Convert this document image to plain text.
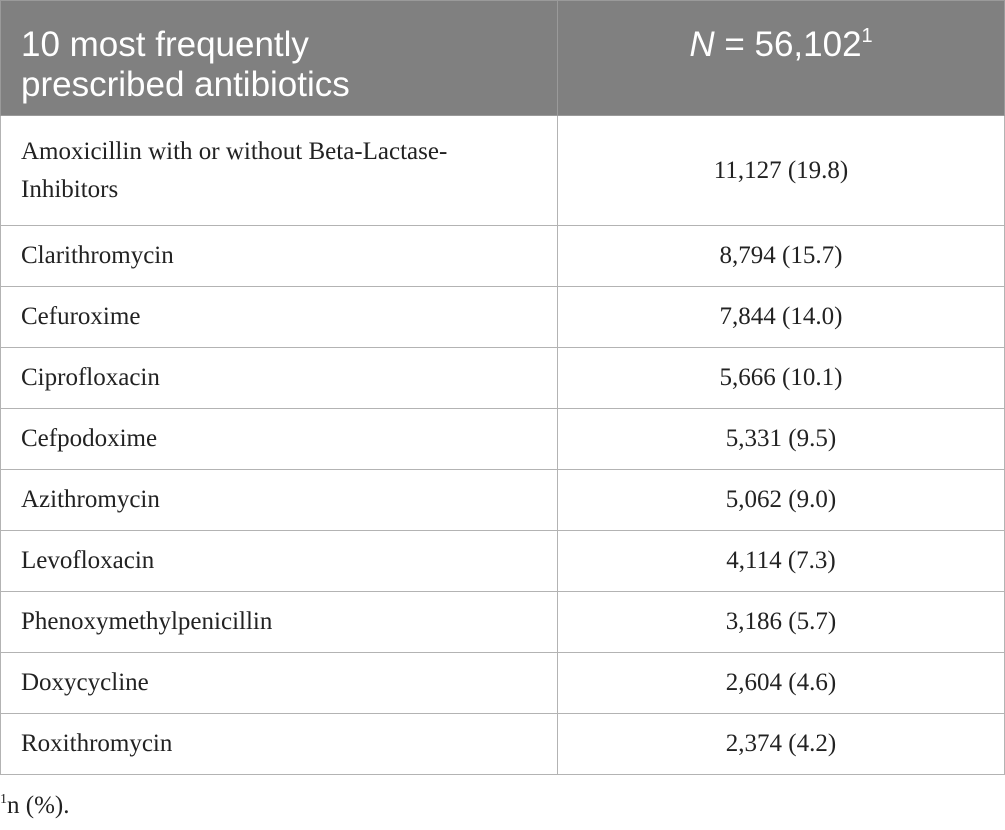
10 most frequently
prescribed antibiotics	$N = 56,102^1$
Amoxicillin with or without Beta-Lactase-
Inhibitors	11,127 (19.8)
Clarithromycin	8,794 (15.7)
Cefuroxime	7,844 (14.0)
Ciprofloxacin	5,666 (10.1)
Cefpodoxime	5,331 (9.5)
Azithromycin	5,062 (9.0)
Levofloxacin	4,114 (7.3)
Phenoxymethylpenicillin	3,186 (5.7)
Doxycycline	2,604 (4.6)
Roxithromycin	2,374 (4.2)
$^1$n (%).
